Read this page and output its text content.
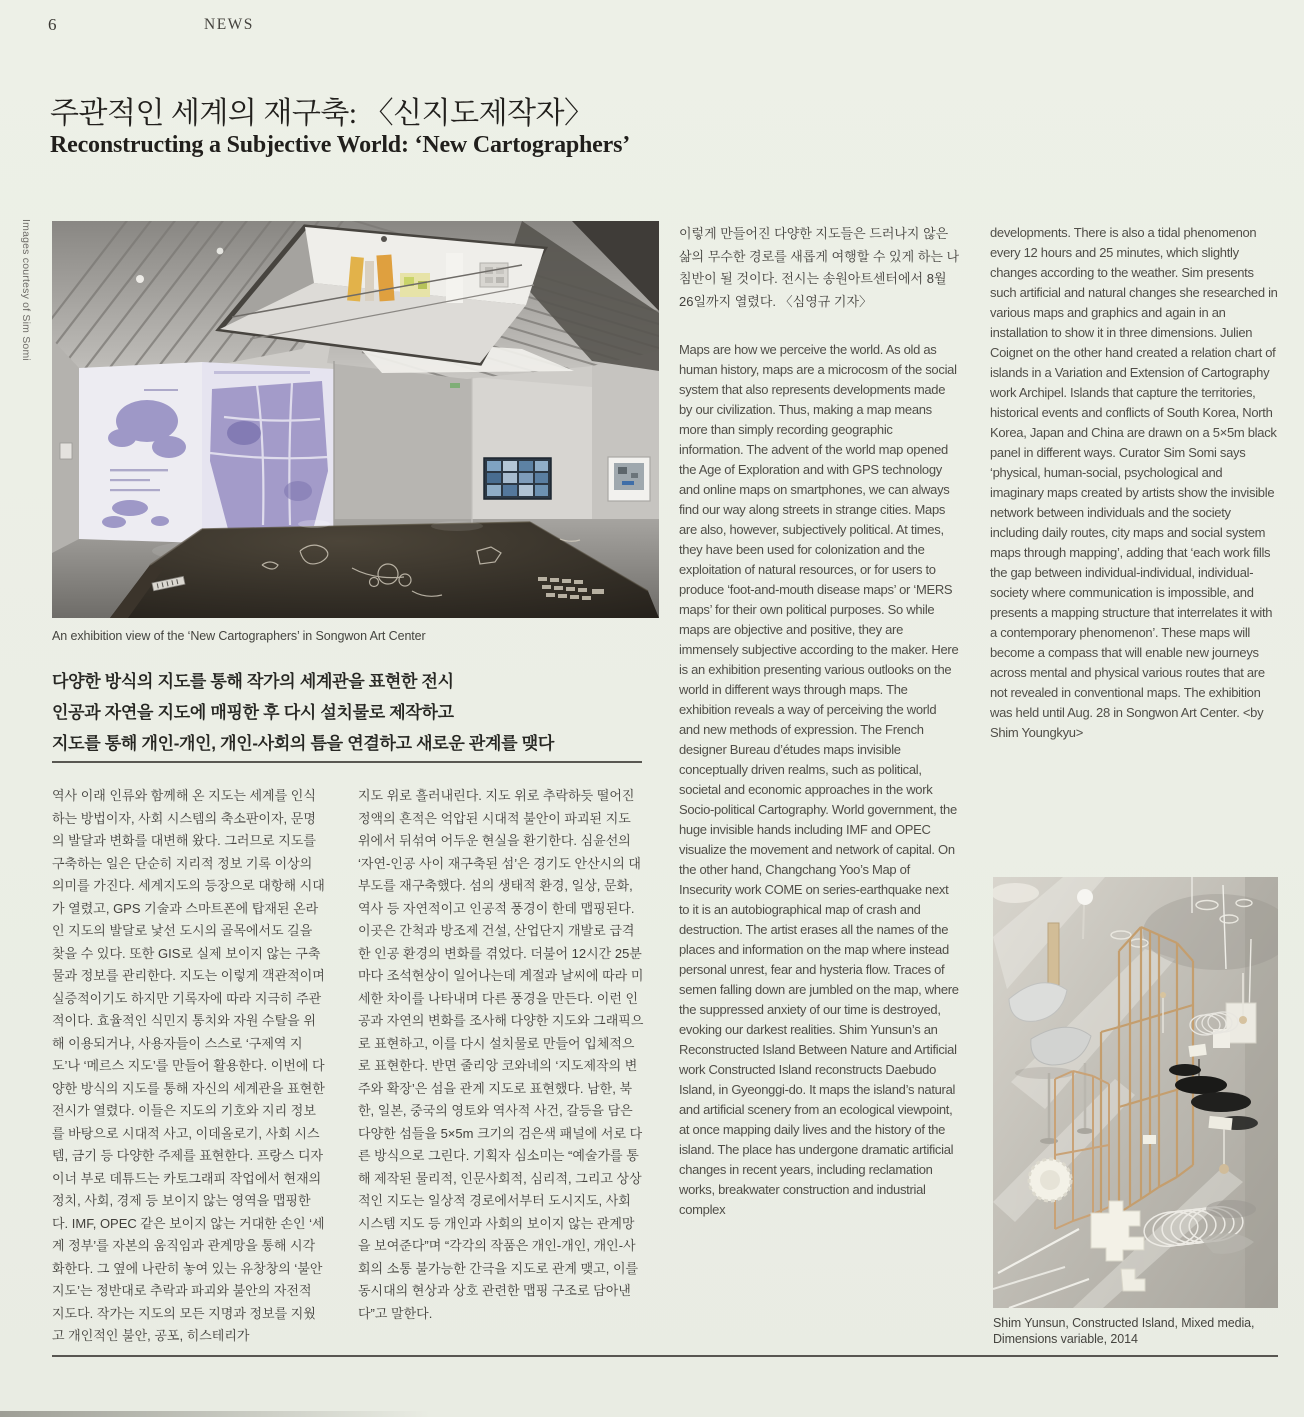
6	NEWS
주관적인 세계의 재구축: 〈신지도제작자〉
Reconstructing a Subjective World: ‘New Cartographers’
Images courtesy of Sim Somi
An exhibition view of the ‘New Cartographers’ in Songwon Art Center
다양한 방식의 지도를 통해 작가의 세계관을 표현한 전시
인공과 자연을 지도에 매핑한 후 다시 설치물로 제작하고
지도를 통해 개인-개인, 개인-사회의 틈을 연결하고 새로운 관계를 맺다
역사 이래 인류와 함께해 온 지도는 세계를 인식하는 방법이자, 사회 시스템의 축소판이자, 문명의 발달과 변화를 대변해 왔다. 그러므로 지도를 구축하는 일은 단순히 지리적 정보 기록 이상의 의미를 가진다. 세계지도의 등장으로 대항해 시대가 열렸고, GPS 기술과 스마트폰에 탑재된 온라인 지도의 발달로 낯선 도시의 골목에서도 길을 찾을 수 있다. 또한 GIS로 실제 보이지 않는 구축물과 정보를 관리한다. 지도는 이렇게 객관적이며 실증적이기도 하지만 기록자에 따라 지극히 주관적이다. 효율적인 식민지 통치와 자원 수탈을 위해 이용되거나, 사용자들이 스스로 ‘구제역 지도’나 ‘메르스 지도’를 만들어 활용한다. 이번에 다양한 방식의 지도를 통해 자신의 세계관을 표현한 전시가 열렸다. 이들은 지도의 기호와 지리 정보를 바탕으로 시대적 사고, 이데올로기, 사회 시스템, 금기 등 다양한 주제를 표현한다. 프랑스 디자이너 부로 데튜드는 카토그래피 작업에서 현재의 정치, 사회, 경제 등 보이지 않는 영역을 맵핑한다. IMF, OPEC 같은 보이지 않는 거대한 손인 ‘세계 정부’를 자본의 움직임과 관계망을 통해 시각화한다. 그 옆에 나란히 놓여 있는 유창창의 ‘불안지도’는 정반대로 추락과 파괴와 불안의 자전적 지도다. 작가는 지도의 모든 지명과 정보를 지웠고 개인적인 불안, 공포, 히스테리가
지도 위로 흘러내린다. 지도 위로 추락하듯 떨어진 정액의 흔적은 억압된 시대적 불안이 파괴된 지도 위에서 뒤섞여 어두운 현실을 환기한다. 심윤선의 ‘자연-인공 사이 재구축된 섬’은 경기도 안산시의 대부도를 재구축했다. 섬의 생태적 환경, 일상, 문화, 역사 등 자연적이고 인공적 풍경이 한데 맵핑된다. 이곳은 간척과 방조제 건설, 산업단지 개발로 급격한 인공 환경의 변화를 겪었다. 더불어 12시간 25분마다 조석현상이 일어나는데 계절과 날씨에 따라 미세한 차이를 나타내며 다른 풍경을 만든다. 이런 인공과 자연의 변화를 조사해 다양한 지도와 그래픽으로 표현하고, 이를 다시 설치물로 만들어 입체적으로 표현한다. 반면 줄리앙 코와네의 ‘지도제작의 변주와 확장’은 섬을 관계 지도로 표현했다. 남한, 북한, 일본, 중국의 영토와 역사적 사건, 갈등을 담은 다양한 섬들을 5×5m 크기의 검은색 패널에 서로 다른 방식으로 그린다. 기획자 심소미는 “예술가를 통해 제작된 물리적, 인문사회적, 심리적, 그리고 상상적인 지도는 일상적 경로에서부터 도시지도, 사회 시스템 지도 등 개인과 사회의 보이지 않는 관계망을 보여준다”며 “각각의 작품은 개인-개인, 개인-사회의 소통 불가능한 간극을 지도로 관계 맺고, 이를 동시대의 현상과 상호 관련한 맵핑 구조로 담아낸다”고 말한다.
이렇게 만들어진 다양한 지도들은 드러나지 않은 삶의 무수한 경로를 새롭게 여행할 수 있게 하는 나침반이 될 것이다. 전시는 송원아트센터에서 8월 26일까지 열렸다. 〈심영규 기자〉
Maps are how we perceive the world. As old as human history, maps are a microcosm of the social system that also represents developments made by our civilization. Thus, making a map means more than simply recording geographic information. The advent of the world map opened the Age of Exploration and with GPS technology and online maps on smartphones, we can always find our way along streets in strange cities. Maps are also, however, subjectively political. At times, they have been used for colonization and the exploitation of natural resources, or for users to produce ‘foot-and-mouth disease maps’ or ‘MERS maps’ for their own political purposes. So while maps are objective and positive, they are immensely subjective according to the maker. Here is an exhibition presenting various outlooks on the world in different ways through maps. The exhibition reveals a way of perceiving the world and new methods of expression. The French designer Bureau d’études maps invisible conceptually driven realms, such as political, societal and economic approaches in the work Socio-political Cartography. World government, the huge invisible hands including IMF and OPEC visualize the movement and network of capital. On the other hand, Changchang Yoo’s Map of Insecurity work COME on series-earthquake next to it is an autobiographical map of crash and destruction. The artist erases all the names of the places and information on the map where instead personal unrest, fear and hysteria flow. Traces of semen falling down are jumbled on the map, where the suppressed anxiety of our time is destroyed, evoking our darkest realities. Shim Yunsun’s an Reconstructed Island Between Nature and Artificial work Constructed Island reconstructs Daebudo Island, in Gyeonggi-do. It maps the island’s natural and artificial scenery from an ecological viewpoint, at once mapping daily lives and the history of the island. The place has undergone dramatic artificial changes in recent years, including reclamation works, breakwater construction and industrial complex
developments. There is also a tidal phenomenon every 12 hours and 25 minutes, which slightly changes according to the weather. Sim presents such artificial and natural changes she researched in various maps and graphics and again in an installation to show it in three dimensions. Julien Coignet on the other hand created a relation chart of islands in a Variation and Extension of Cartography work Archipel. Islands that capture the territories, historical events and conflicts of South Korea, North Korea, Japan and China are drawn on a 5×5m black panel in different ways. Curator Sim Somi says ‘physical, human-social, psychological and imaginary maps created by artists show the invisible network between individuals and the society including daily routes, city maps and social system maps through mapping’, adding that ‘each work fills the gap between individual-individual, individual-society where communication is impossible, and presents a mapping structure that interrelates it with a contemporary phenomenon’. These maps will become a compass that will enable new journeys across mental and physical various routes that are not revealed in conventional maps. The exhibition was held until Aug. 28 in Songwon Art Center. <by Shim Youngkyu>
Shim Yunsun, Constructed Island, Mixed media, Dimensions variable, 2014
